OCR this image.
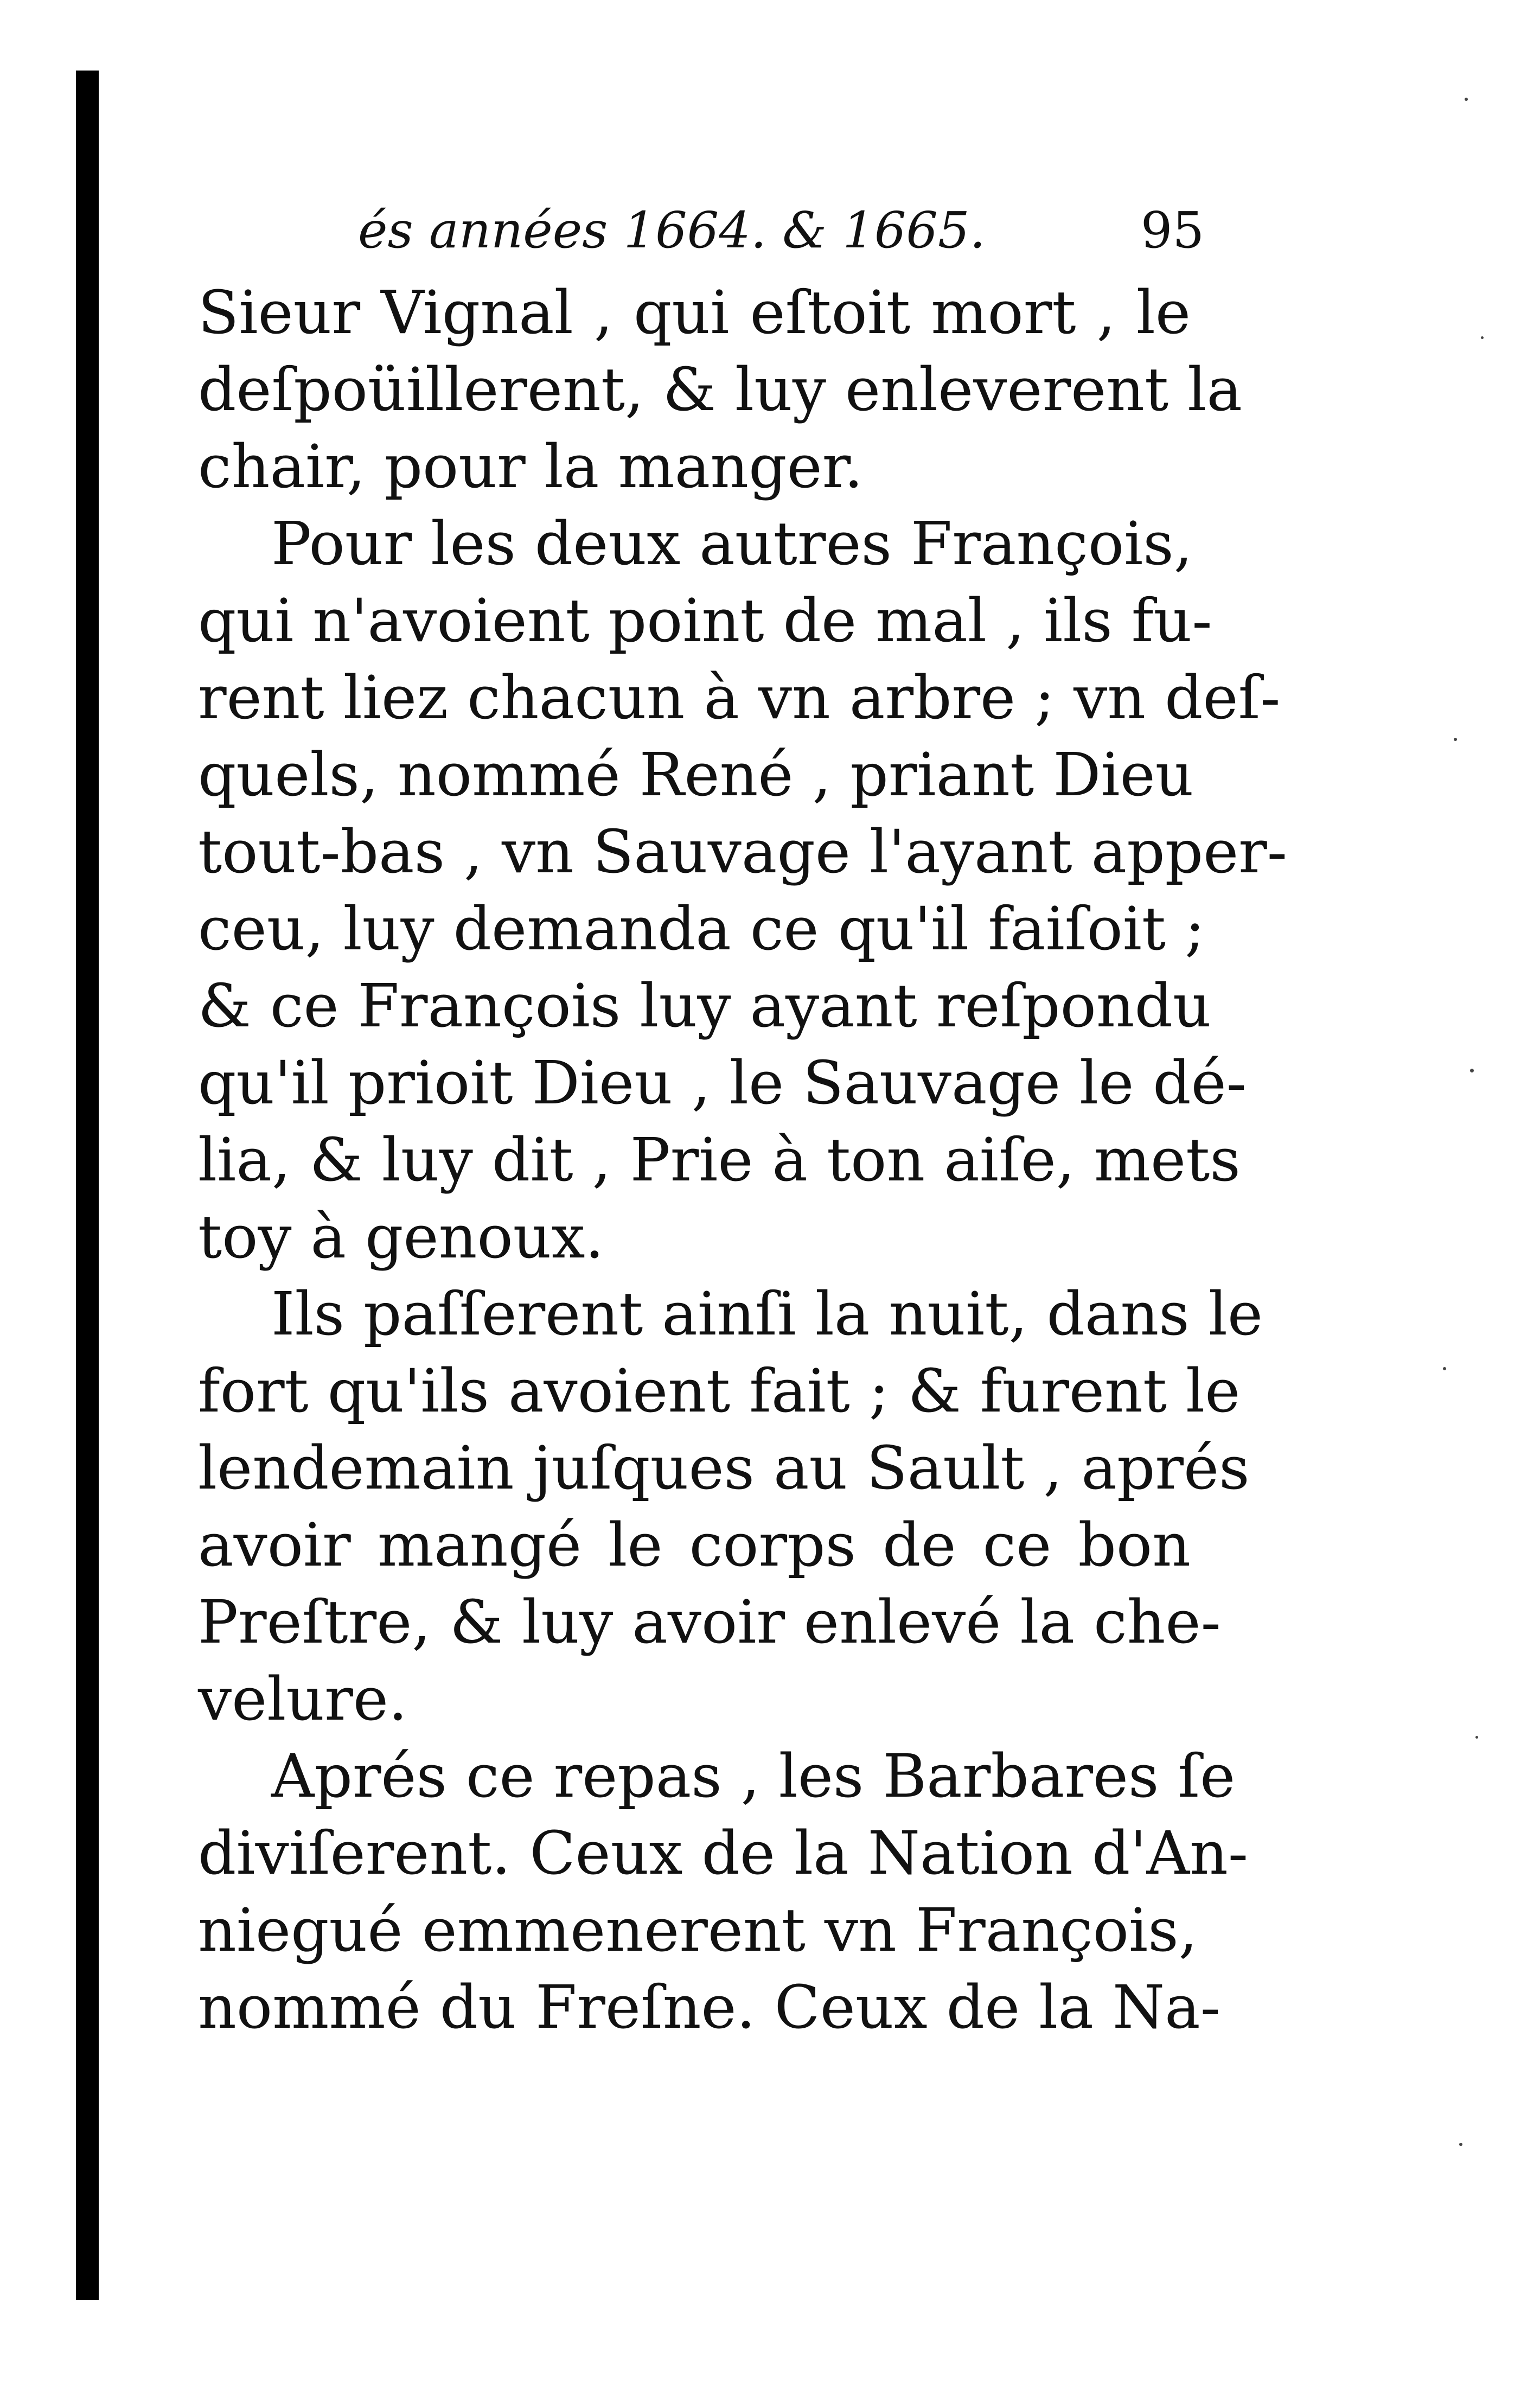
és années 1664. & 1665.	95
Sieur Vignal , qui eſtoit mort , le
deſpoüillerent, & luy enleverent la
chair, pour la manger.
Pour les deux autres François,
qui n'avoient point de mal , ils fu-
rent liez chacun à vn arbre ; vn deſ-
quels, nommé René , priant Dieu
tout-bas , vn Sauvage l'ayant apper-
ceu, luy demanda ce qu'il faiſoit ;
& ce François luy ayant reſpondu
qu'il prioit Dieu , le Sauvage le dé-
lia, & luy dit , Prie à ton aiſe, mets
toy à genoux.
Ils paſſerent ainſi la nuit, dans le
fort qu'ils avoient fait ; & furent le
lendemain juſques au Sault , aprés
avoir mangé le corps de ce bon
Preſtre, & luy avoir enlevé la che-
velure.
Aprés ce repas , les Barbares ſe
diviſerent. Ceux de la Nation d'An-
niegué emmenerent vn François,
nommé du Freſne. Ceux de la Na-
